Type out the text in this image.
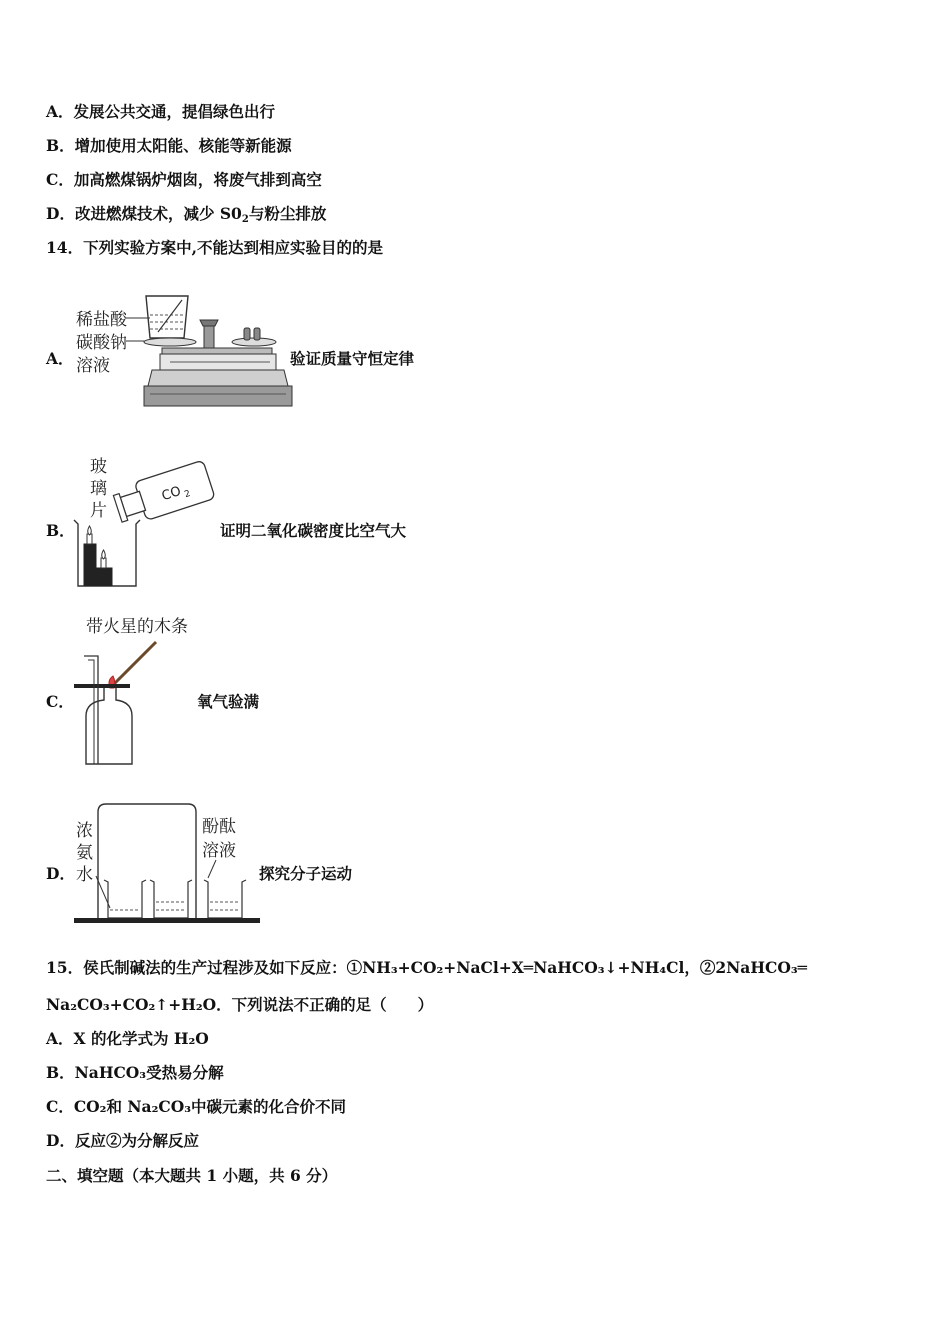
A．发展公共交通，提倡绿色出行
B．增加使用太阳能、核能等新能源
C．加高燃煤锅炉烟囱，将废气排到高空
D．改进燃煤技术，减少 $S0_2$与粉尘排放
14．下列实验方案中,不能达到相应实验目的的是
A．
稀盐酸
碳酸钠
溶液	验证质量守恒定律
B．
玻
璃
片
CO 2
证明二氧化碳密度比空气大
C．
带火星的木条
氧气验满
D．
浓
氨
水
酚酞
溶液
探究分子运动
15．侯氏制碱法的生产过程涉及如下反应：①NH₃+CO₂+NaCl+X═NaHCO₃↓+NH₄Cl，②2NaHCO₃═
Na₂CO₃+CO₂↑+H₂O．下列说法不正确的足（　　）
A．X 的化学式为 H₂O
B．NaHCO₃受热易分解
C．CO₂和 Na₂CO₃中碳元素的化合价不同
D．反应②为分解反应
二、填空题（本大题共 1 小题，共 6 分）
